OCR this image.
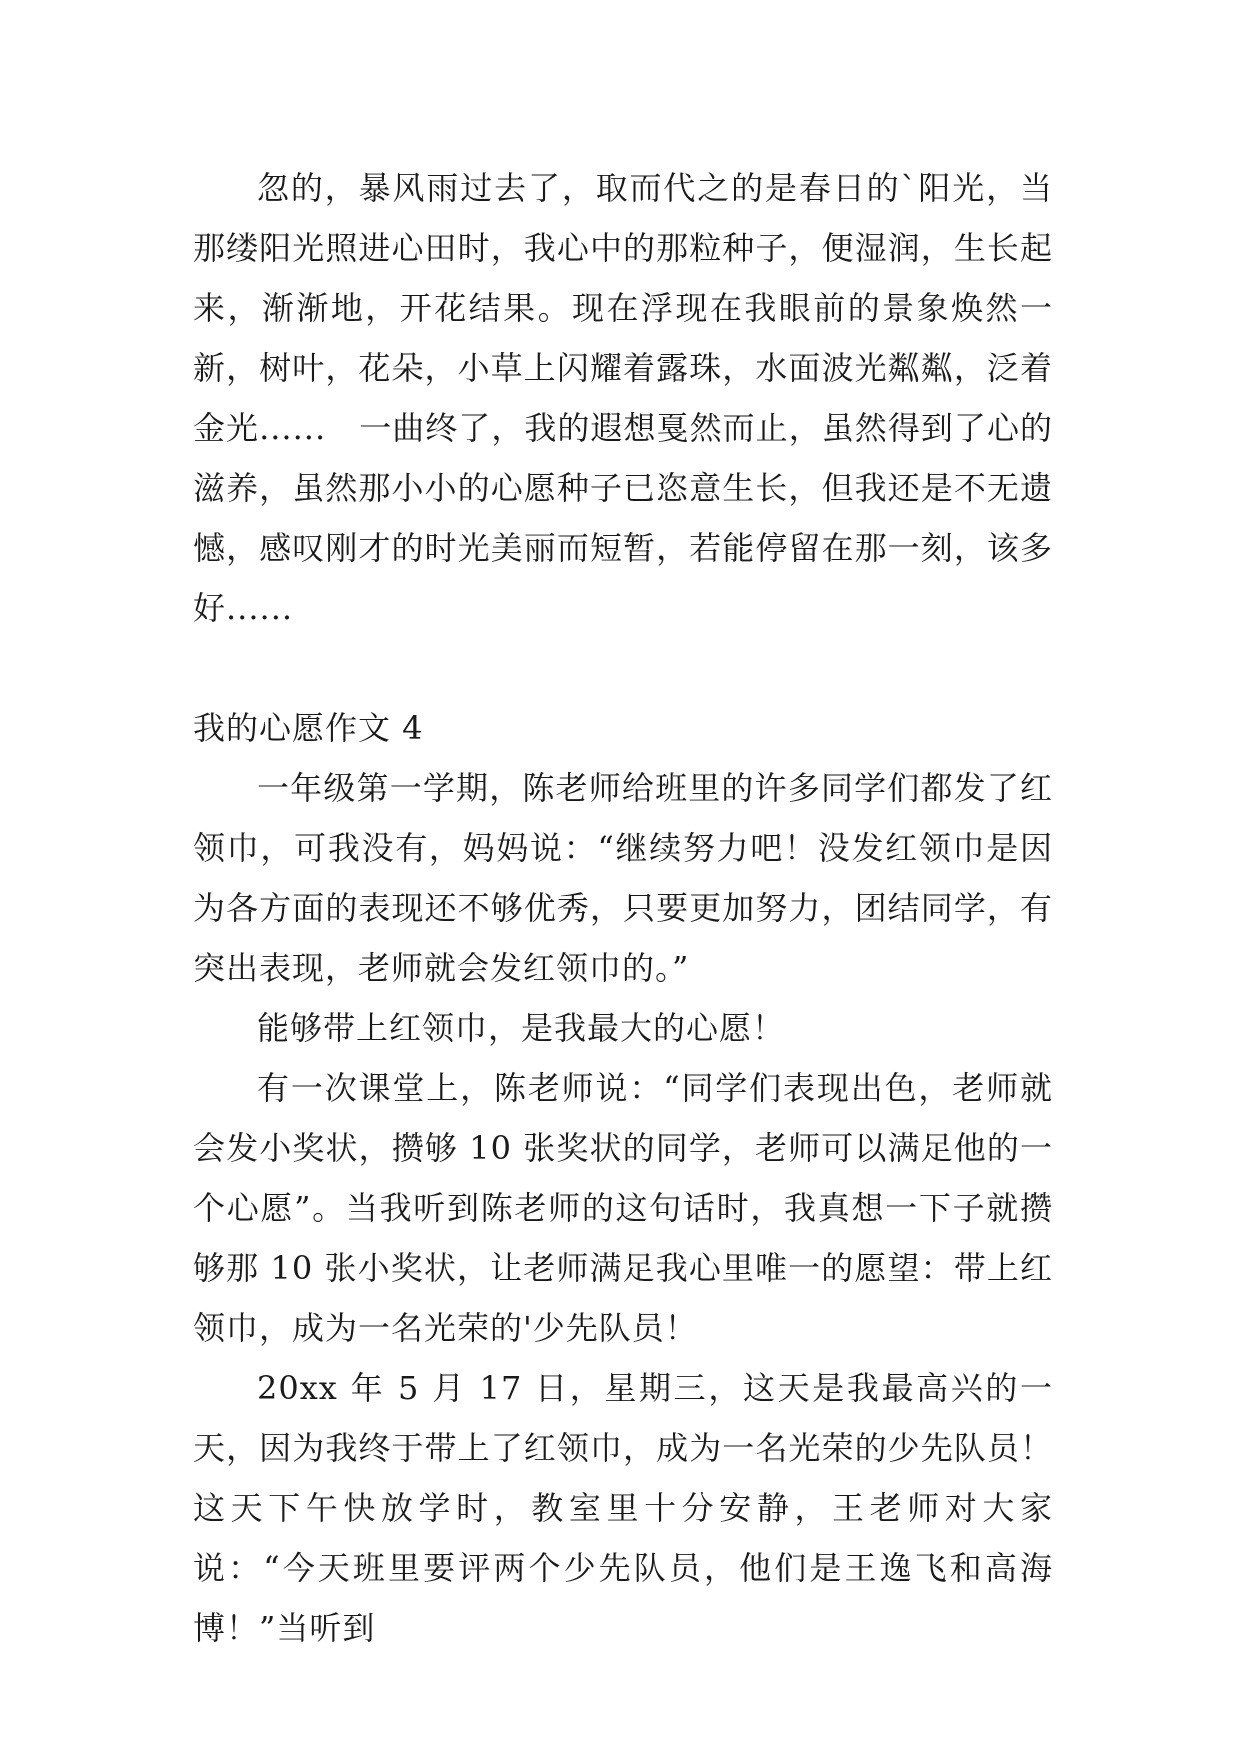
忽的，暴风雨过去了，取而代之的是春日的`阳光，当那缕阳光照进心田时，我心中的那粒种子，便湿润，生长起来，渐渐地，开花结果。现在浮现在我眼前的景象焕然一新，树叶，花朵，小草上闪耀着露珠，水面波光粼粼，泛着金光......　一曲终了，我的遐想戛然而止，虽然得到了心的滋养，虽然那小小的心愿种子已恣意生长，但我还是不无遗憾，感叹刚才的时光美丽而短暂，若能停留在那一刻，该多好......

我的心愿作文 4

一年级第一学期，陈老师给班里的许多同学们都发了红领巾，可我没有，妈妈说：“继续努力吧！没发红领巾是因为各方面的表现还不够优秀，只要更加努力，团结同学，有突出表现，老师就会发红领巾的。”

能够带上红领巾，是我最大的心愿！

有一次课堂上，陈老师说：“同学们表现出色，老师就会发小奖状，攒够 10 张奖状的同学，老师可以满足他的一个心愿”。当我听到陈老师的这句话时，我真想一下子就攒够那 10 张小奖状，让老师满足我心里唯一的愿望：带上红领巾，成为一名光荣的'少先队员！

20xx 年 5 月 17 日，星期三，这天是我最高兴的一天，因为我终于带上了红领巾，成为一名光荣的少先队员！这天下午快放学时，教室里十分安静，王老师对大家说：“今天班里要评两个少先队员，他们是王逸飞和高海博！”当听到
